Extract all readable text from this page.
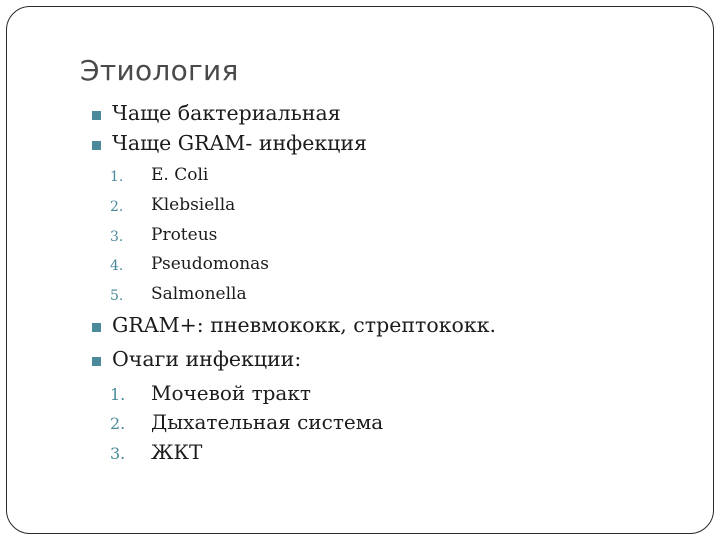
Этиология
Чаще бактериальная
Чаще GRAM- инфекция
1. E. Coli
2. Klebsiella
3. Proteus
4. Pseudomonas
5. Salmonella
GRAM+: пневмококк, стрептококк.
Очаги инфекции:
1. Мочевой тракт
2. Дыхательная система
3. ЖКТ
